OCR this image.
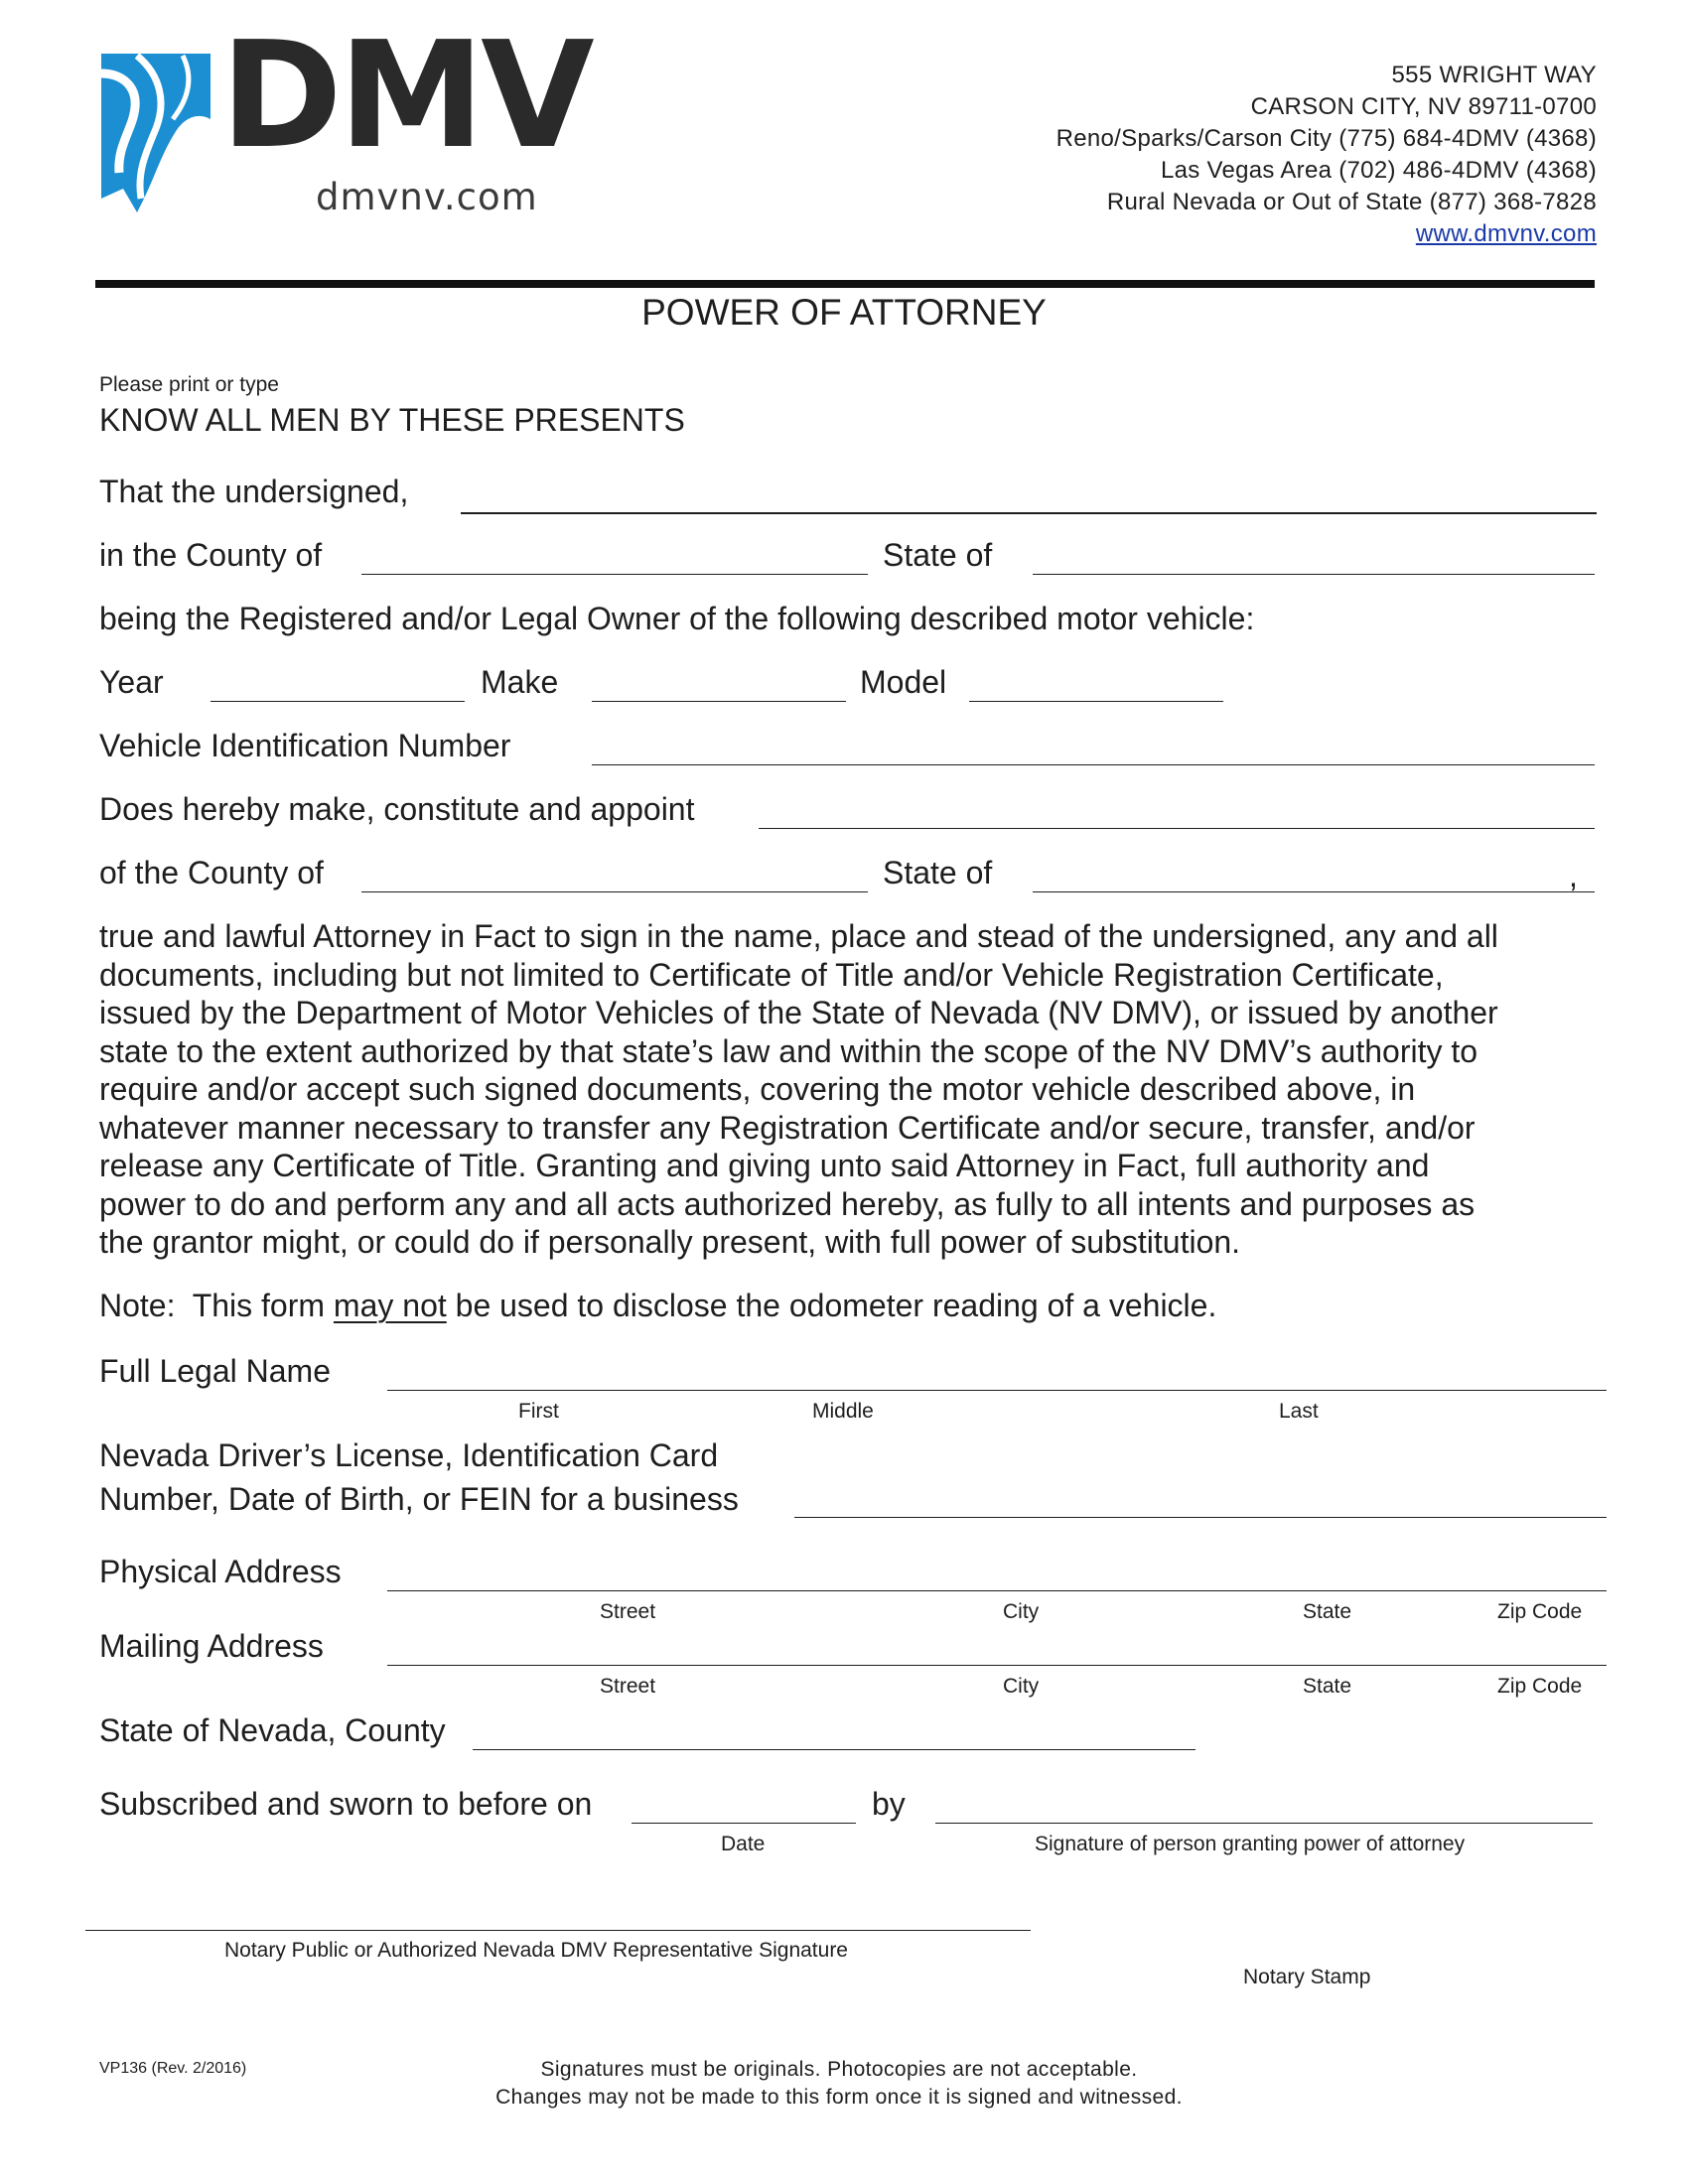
DMV
dmvnv.com
555 WRIGHT WAY
CARSON CITY, NV 89711-0700
Reno/Sparks/Carson City (775) 684-4DMV (4368)
Las Vegas Area (702) 486-4DMV (4368)
Rural Nevada or Out of State (877) 368-7828
www.dmvnv.com
POWER OF ATTORNEY
Please print or type
KNOW ALL MEN BY THESE PRESENTS
That the undersigned,
in the County of	State of
being the Registered and/or Legal Owner of the following described motor vehicle:
Year	Make	Model
Vehicle Identification Number
Does hereby make, constitute and appoint
of the County of	State of	,
true and lawful Attorney in Fact to sign in the name, place and stead of the undersigned, any and all
documents, including but not limited to Certificate of Title and/or Vehicle Registration Certificate,
issued by the Department of Motor Vehicles of the State of Nevada (NV DMV), or issued by another
state to the extent authorized by that state’s law and within the scope of the NV DMV’s authority to
require and/or accept such signed documents, covering the motor vehicle described above, in
whatever manner necessary to transfer any Registration Certificate and/or secure, transfer, and/or
release any Certificate of Title. Granting and giving unto said Attorney in Fact, full authority and
power to do and perform any and all acts authorized hereby, as fully to all intents and purposes as
the grantor might, or could do if personally present, with full power of substitution.
Note:  This form may not be used to disclose the odometer reading of a vehicle.
Full Legal Name
First	Middle	Last
Nevada Driver’s License, Identification Card
Number, Date of Birth, or FEIN for a business
Physical Address
Street	City	State	Zip Code
Mailing Address
Street	City	State	Zip Code
State of Nevada, County
Subscribed and sworn to before on
Date
by
Signature of person granting power of attorney
Notary Public or Authorized Nevada DMV Representative Signature
Notary Stamp
VP136 (Rev. 2/2016)	Signatures must be originals. Photocopies are not acceptable.
Changes may not be made to this form once it is signed and witnessed.
